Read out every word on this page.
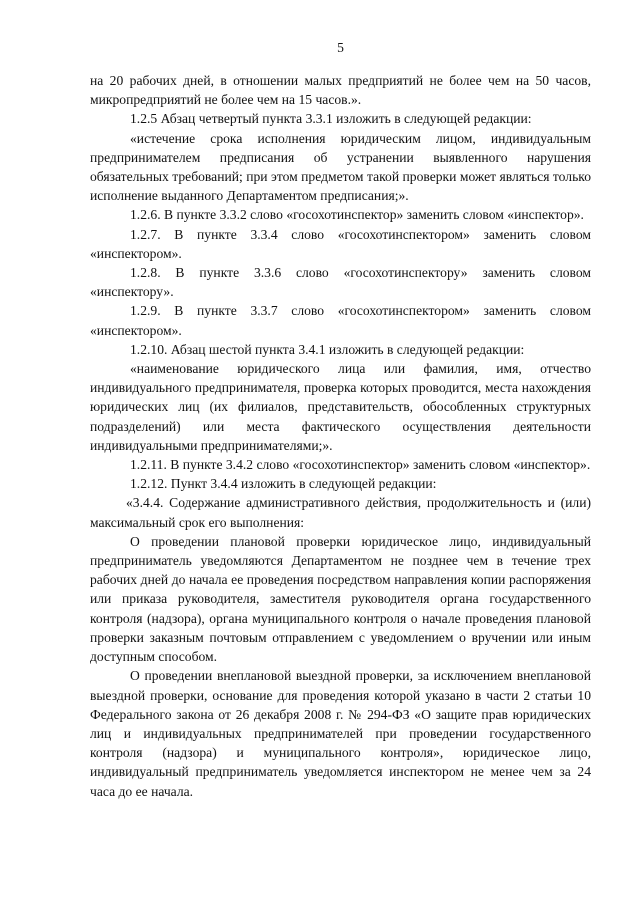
5

на 20 рабочих дней, в отношении малых предприятий не более чем на 50 часов, микропредприятий не более чем на 15 часов.».

1.2.5 Абзац четвертый пункта 3.3.1 изложить в следующей редакции:

«истечение срока исполнения юридическим лицом, индивидуальным предпринимателем предписания об устранении выявленного нарушения обязательных требований; при этом предметом такой проверки может являться только исполнение выданного Департаментом предписания;».

1.2.6. В пункте 3.3.2 слово «госохотинспектор» заменить словом «инспектор».

1.2.7. В пункте 3.3.4 слово «госохотинспектором» заменить словом «инспектором».

1.2.8. В пункте 3.3.6 слово «госохотинспектору» заменить словом «инспектору».

1.2.9. В пункте 3.3.7 слово «госохотинспектором» заменить словом «инспектором».

1.2.10. Абзац шестой пункта 3.4.1 изложить в следующей редакции:

«наименование юридического лица или фамилия, имя, отчество индивидуального предпринимателя, проверка которых проводится, места нахождения юридических лиц (их филиалов, представительств, обособленных структурных подразделений) или места фактического осуществления деятельности индивидуальными предпринимателями;».

1.2.11. В пункте 3.4.2 слово «госохотинспектор» заменить словом «инспектор».

1.2.12. Пункт 3.4.4 изложить в следующей редакции:

«3.4.4. Содержание административного действия, продолжительность и (или) максимальный срок его выполнения:

О проведении плановой проверки юридическое лицо, индивидуальный предприниматель уведомляются Департаментом не позднее чем в течение трех рабочих дней до начала ее проведения посредством направления копии распоряжения или приказа руководителя, заместителя руководителя органа государственного контроля (надзора), органа муниципального контроля о начале проведения плановой проверки заказным почтовым отправлением с уведомлением о вручении или иным доступным способом.

О проведении внеплановой выездной проверки, за исключением внеплановой выездной проверки, основание для проведения которой указано в части 2 статьи 10 Федерального закона от 26 декабря 2008 г. № 294-ФЗ «О защите прав юридических лиц и индивидуальных предпринимателей при проведении государственного контроля (надзора) и муниципального контроля», юридическое лицо, индивидуальный предприниматель уведомляется инспектором не менее чем за 24 часа до ее начала.
